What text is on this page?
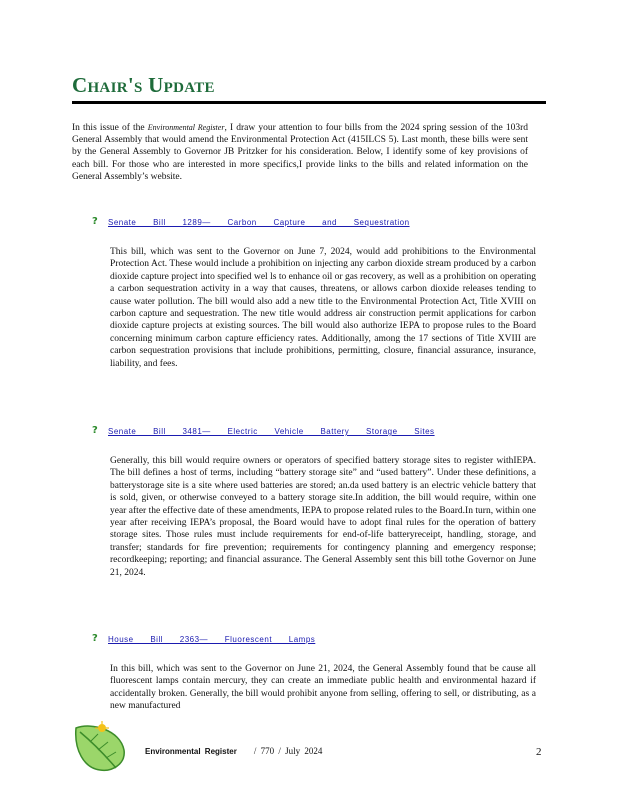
Chair's Update

In this issue of the Environmental Register, I draw your attention to four bills from the 2024 spring session of the 103rd General Assembly that would amend the Environmental Protection Act (415ILCS 5). Last month, these bills were sent by the General Assembly to Governor JB Pritzker for his consideration. Below, I identify some of key provisions of each bill. For those who are interested in more specifics,I provide links to the bills and related information on the General Assembly’s website.

? Senate Bill 1289— Carbon Capture and Sequestration

This bill, which was sent to the Governor on June 7, 2024, would add prohibitions to the Environmental Protection Act. These would include a prohibition on injecting any carbon dioxide stream produced by a carbon dioxide capture project into specified wel ls to enhance oil or gas recovery, as well as a prohibition on operating a carbon sequestration activity in a way that causes, threatens, or allows carbon dioxide releases tending to cause water pollution. The bill would also add a new title to the Environmental Protection Act, Title XVIII on carbon capture and sequestration. The new title would address air construction permit applications for carbon dioxide capture projects at existing sources. The bill would also authorize IEPA to propose rules to the Board concerning minimum carbon capture efficiency rates. Additionally, among the 17 sections of Title XVIII are carbon sequestration provisions that include prohibitions, permitting, closure, financial assurance, insurance, liability, and fees.

? Senate Bill 3481— Electric Vehicle Battery Storage Sites

Generally, this bill would require owners or operators of specified battery storage sites to register withIEPA. The bill defines a host of terms, including “battery storage site” and “used battery”. Under these definitions, a batterystorage site is a site where used batteries are stored; an.da used battery is an electric vehicle battery that is sold, given, or otherwise conveyed to a battery storage site.In addition, the bill would require, within one year after the effective date of these amendments, IEPA to propose related rules to the Board.In turn, within one year after receiving IEPA’s proposal, the Board would have to adopt final rules for the operation of battery storage sites. Those rules must include requirements for end-of-life batteryreceipt, handling, storage, and transfer; standards for fire prevention; requirements for contingency planning and emergency response; recordkeeping; reporting; and financial assurance. The General Assembly sent this bill tothe Governor on June 21, 2024.

? House Bill 2363— Fluorescent Lamps

In this bill, which was sent to the Governor on June 21, 2024, the General Assembly found that be cause all fluorescent lamps contain mercury, they can create an immediate public health and environmental hazard if accidentally broken. Generally, the bill would prohibit anyone from selling, offering to sell, or distributing, as a new manufactured

Environmental Register / 770 / July 2024	2
